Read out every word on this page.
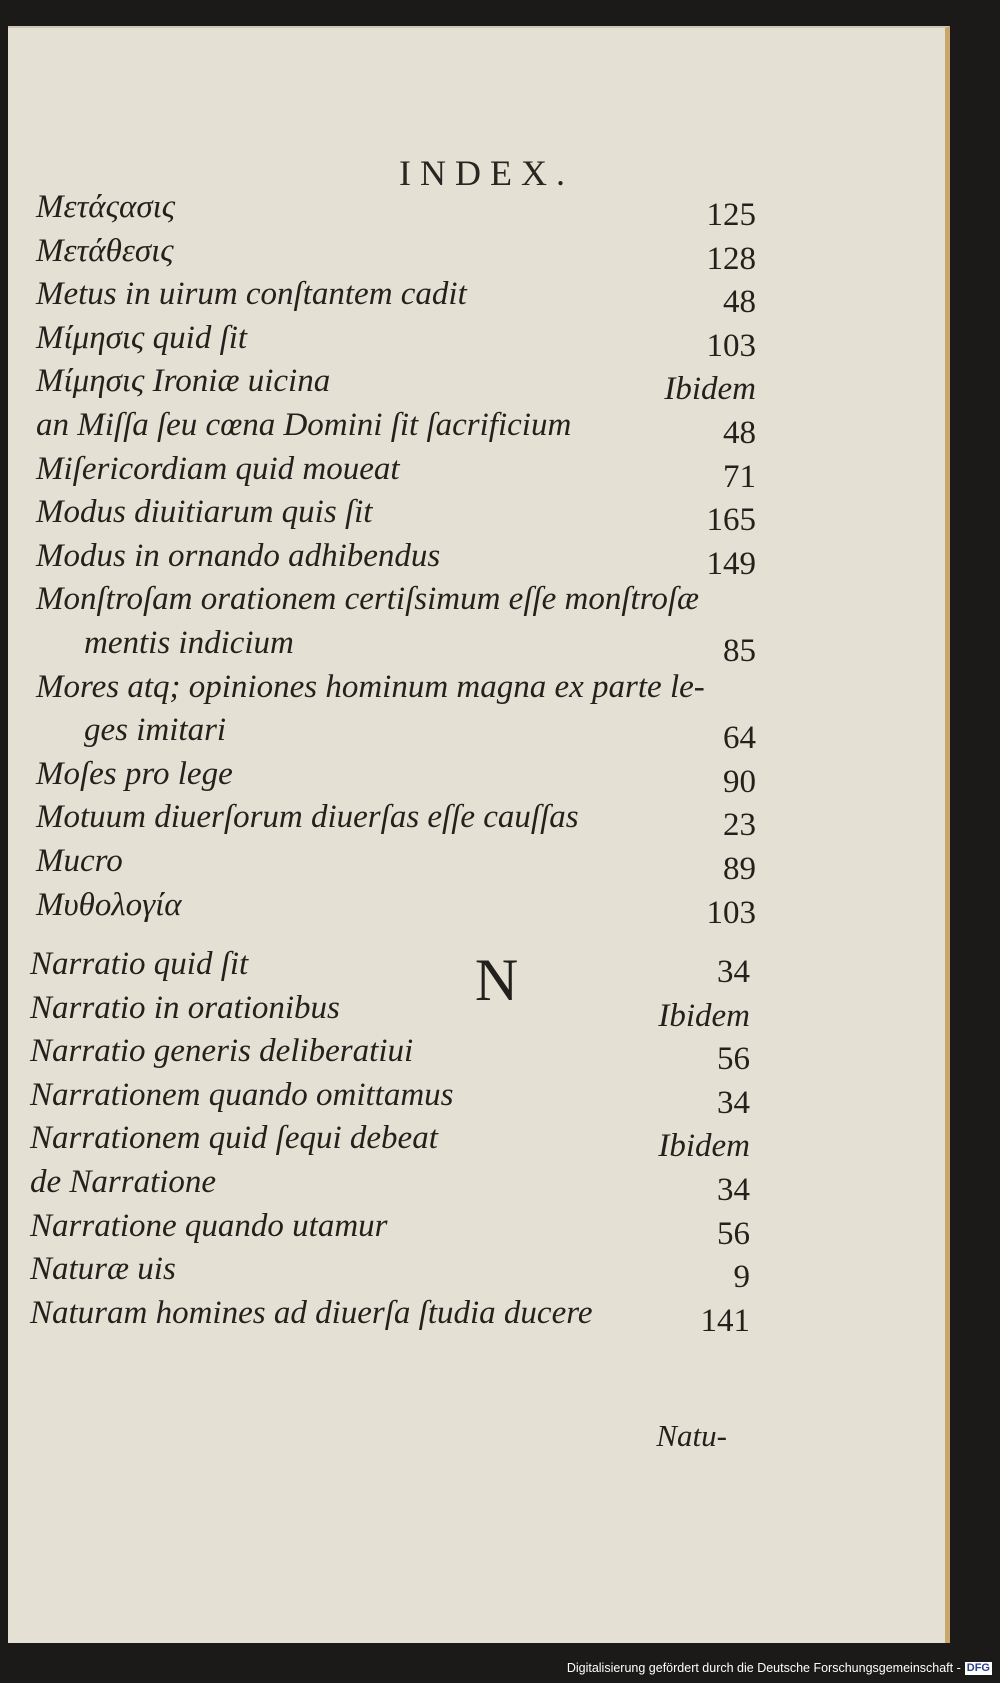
INDEX.
Μετάςασις	125
Μετάθεσις	128
Metus in uirum conſtantem cadit	48
Μίμησις quid ſit	103
Μίμησις Ironiæ uicina	Ibidem
an Miſſa ſeu cœna Domini ſit ſacrificium	48
Miſericordiam quid moueat	71
Modus diuitiarum quis ſit	165
Modus in ornando adhibendus	149
Monſtroſam orationem certiſsimum eſſe monſtroſæ
mentis indicium	85
Mores atq; opiniones hominum magna ex parte le-
ges imitari	64
Moſes pro lege	90
Motuum diuerſorum diuerſas eſſe cauſſas	23
Mucro	89
Μυθολογία	103
N
Narratio quid ſit	34
Narratio in orationibus	Ibidem
Narratio generis deliberatiui	56
Narrationem quando omittamus	34
Narrationem quid ſequi debeat	Ibidem
de Narratione	34
Narratione quando utamur	56
Naturæ uis	9
Naturam homines ad diuerſa ſtudia ducere	141
Natu-
Digitalisierung gefördert durch die Deutsche Forschungsgemeinschaft - DFG
